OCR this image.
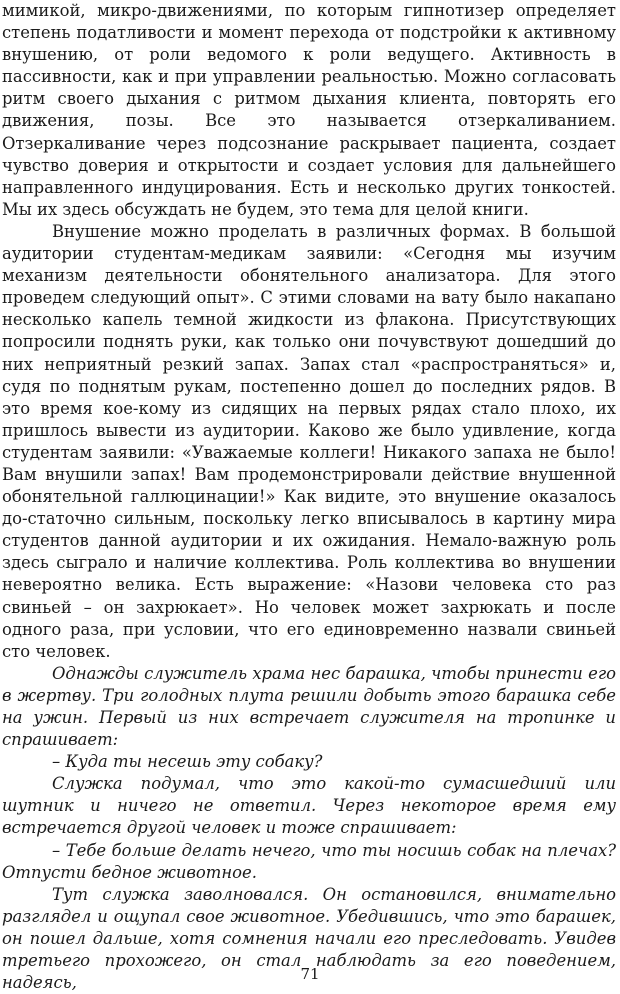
мимикой, микро-движениями, по которым гипнотизер определяет степень податливости и момент перехода от подстройки к активному внушению, от роли ведомого к роли ведущего. Активность в пассивности, как и при управлении реальностью. Можно согласовать ритм своего дыхания с ритмом дыхания клиента, повторять его движения, позы. Все это называется отзеркаливанием. Отзеркаливание через подсознание раскрывает пациента, создает чувство доверия и открытости и создает условия для дальнейшего направленного индуцирования. Есть и несколько других тонкостей. Мы их здесь обсуждать не будем, это тема для целой книги.

Внушение можно проделать в различных формах. В большой аудитории студентам-медикам заявили: «Сегодня мы изучим механизм деятельности обонятельного анализатора. Для этого проведем следующий опыт». С этими словами на вату было накапано несколько капель темной жидкости из флакона. Присутствующих попросили поднять руки, как только они почувствуют дошедший до них неприятный резкий запах. Запах стал «распространяться» и, судя по поднятым рукам, постепенно дошел до последних рядов. В это время кое-кому из сидящих на первых рядах стало плохо, их пришлось вывести из аудитории. Каково же было удивление, когда студентам заявили: «Уважаемые коллеги! Никакого запаха не было! Вам внушили запах! Вам продемонстрировали действие внушенной обонятельной галлюцинации!» Как видите, это внушение оказалось до-статочно сильным, поскольку легко вписывалось в картину мира студентов данной аудитории и их ожидания. Немало-важную роль здесь сыграло и наличие коллектива. Роль коллектива во внушении невероятно велика. Есть выражение: «Назови человека сто раз свиньей – он захрюкает». Но человек может захрюкать и после одного раза, при условии, что его единовременно назвали свиньей сто человек.

Однажды служитель храма нес барашка, чтобы принести его в жертву. Три голодных плута решили добыть этого барашка себе на ужин. Первый из них встречает служителя на тропинке и спрашивает:

– Куда ты несешь эту собаку?

Служка подумал, что это какой-то сумасшедший или шутник и ничего не ответил. Через некоторое время ему встречается другой человек и тоже спрашивает:

– Тебе больше делать нечего, что ты носишь собак на плечах? Отпусти бедное животное.

Тут служка заволновался. Он остановился, внимательно разглядел и ощупал свое животное. Убедившись, что это барашек, он пошел дальше, хотя сомнения начали его преследовать. Увидев третьего прохожего, он стал наблюдать за его поведением, надеясь,	71
